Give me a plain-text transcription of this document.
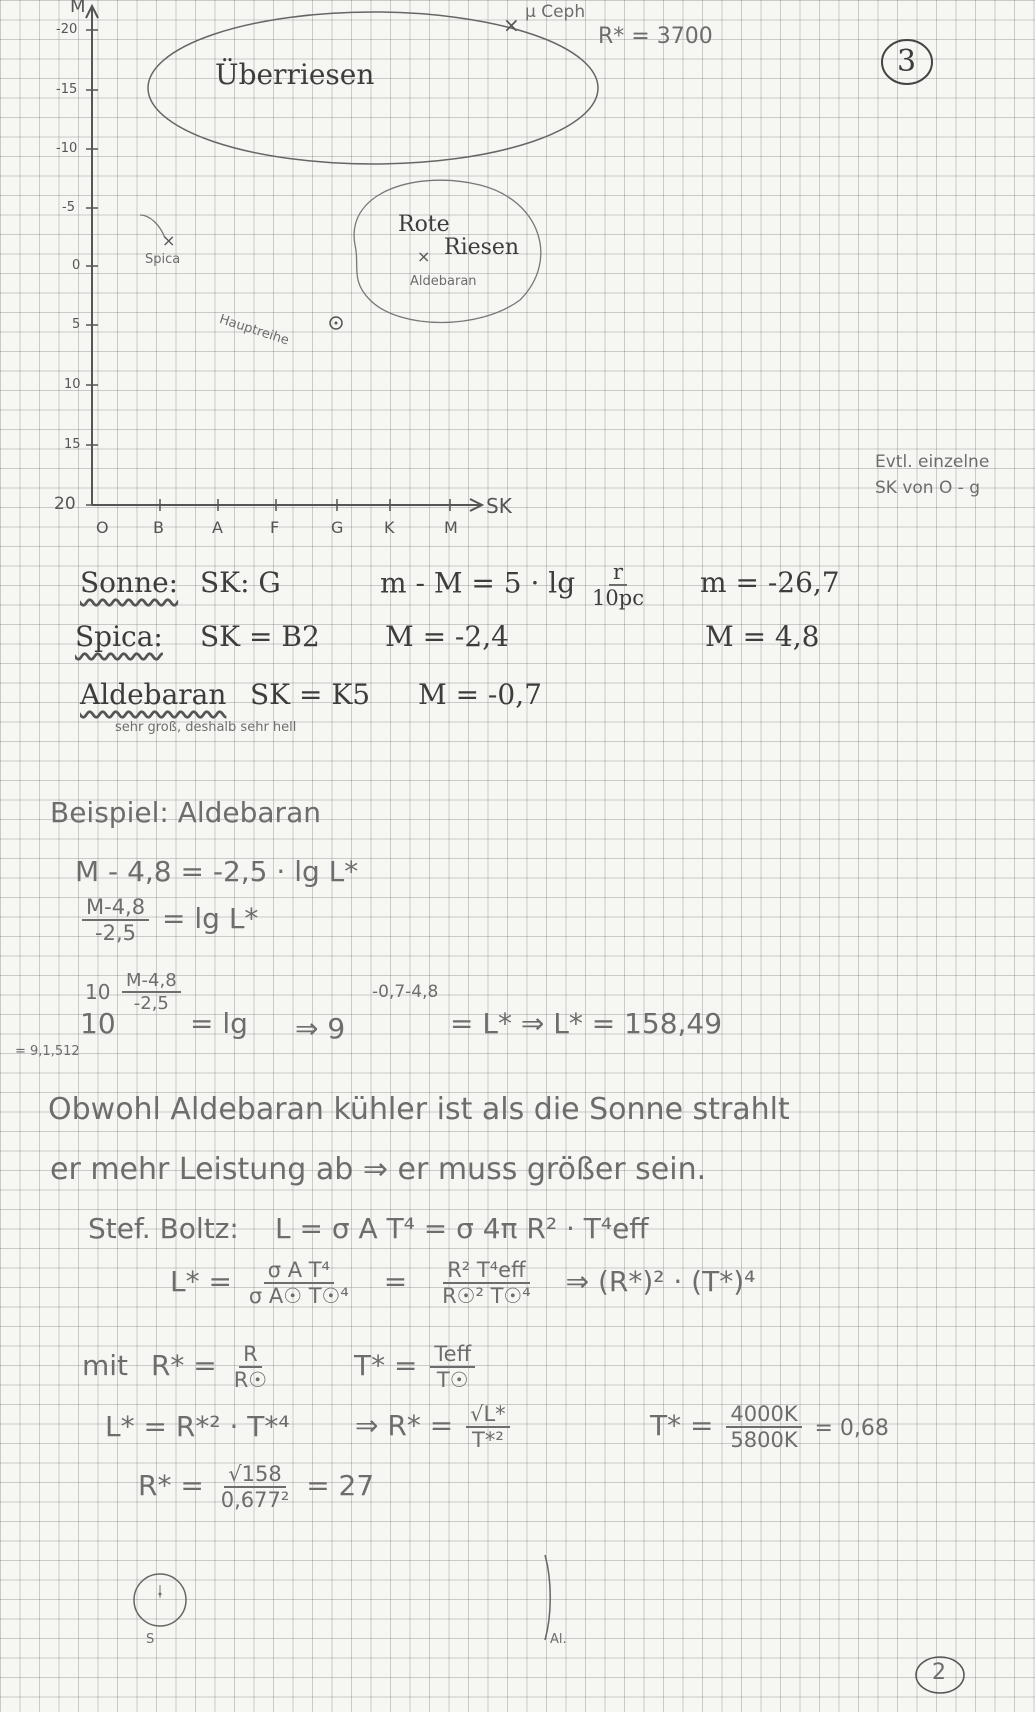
×
×
×
3
M
SK
-20
-15
-10
-5
0
5
10
15
20
O	B	A	F	G	K	M
Überriesen
Rote
Riesen
Aldebaran
Spica
Hauptreihe
µ Ceph
R* = 3700
Evtl. einzelne
SK von O - g
Sonne: SK: G	$m - M = 5 \cdot \lg \frac{r}{10pc}$ m = -26,7
Spica: SK = B2 M = -2,4	M = 4,8
Aldebaran SK = K5 M = -0,7
sehr groß, deshalb sehr hell
Beispiel: Aldebaran
M - 4,8 = -2,5 · lg L*
$\frac{M-4,8}{-2,5} = \lg L*$
$10 \frac{M-4,8}{-2,5}$
10	= lg ⇒ 9
-0,7-4,8
= L* ⇒ L* = 158,49
= 9,1,512
Obwohl Aldebaran kühler ist als die Sonne strahlt
er mehr Leistung ab ⇒ er muss größer sein.
Stef. Boltz: L = σ A T⁴ = σ 4π R² · T⁴eff
$L* = \frac{\text{σ A T⁴}}{\text{σ A☉ T☉⁴}} = \frac{\text{R² T⁴eff}}{\text{R☉² T☉⁴}}$ ⇒ (R*)² · (T*)⁴
mit $R* = \frac{R}{R☉}$	$T* = \frac{\text{Teff}}{T☉}$
L* = R*² · T*⁴ ⇒ $R* = \frac{√L*}{\text{T*²}}$	$T* = \frac{4000K}{5800K} = 0,68$
$R* = \frac{√158}{\text{0,677²}} = 27$
S	Al.
2
